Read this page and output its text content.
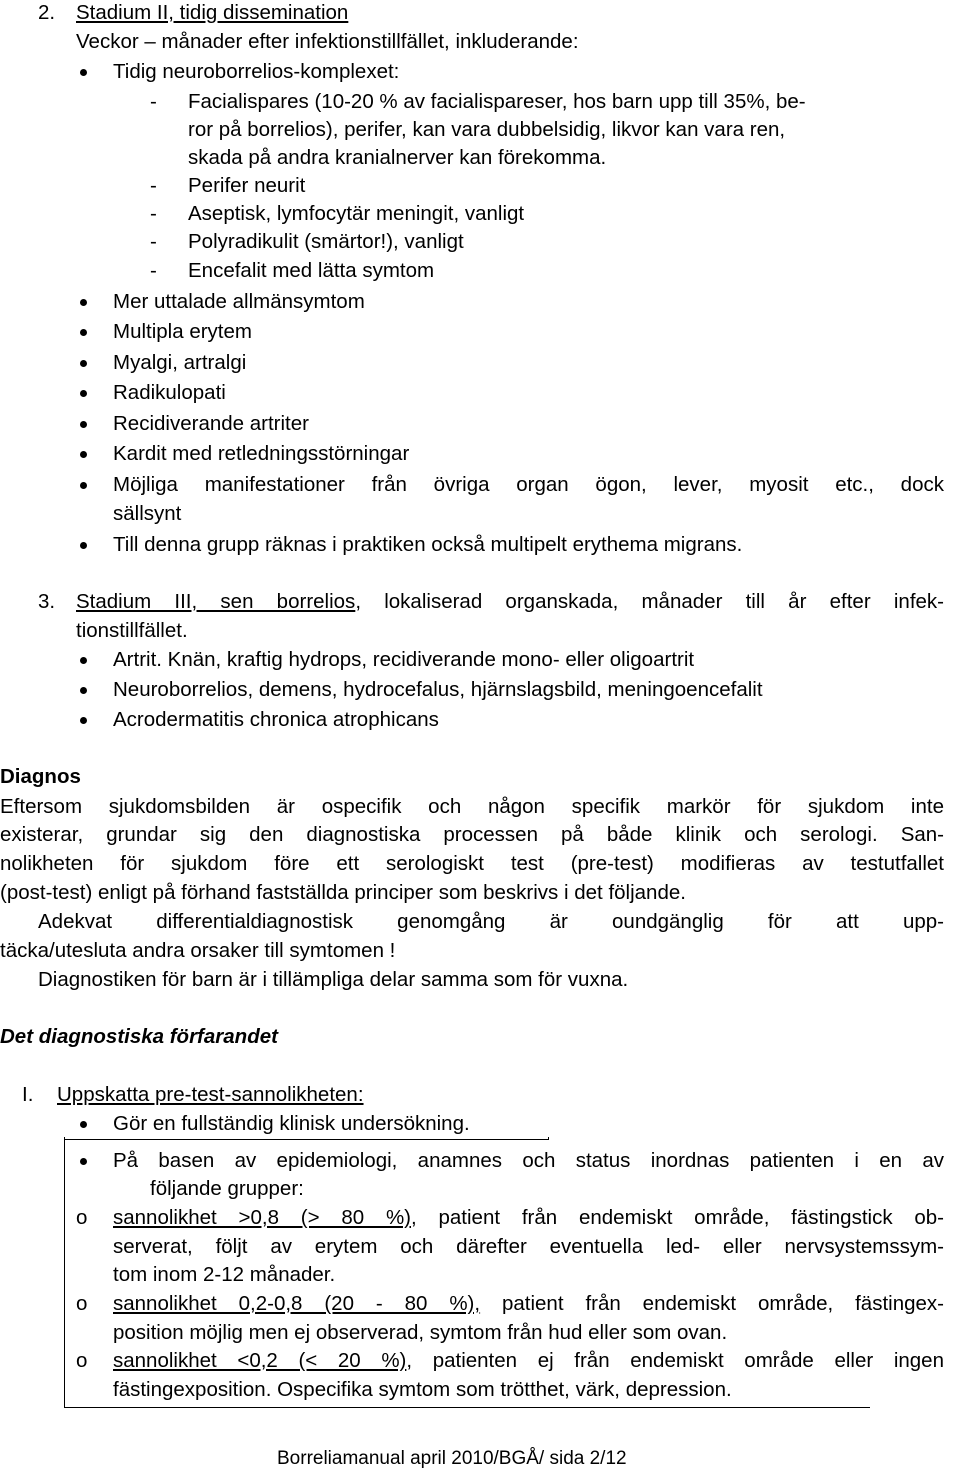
2. Stadium II, tidig dissemination
Veckor – månader efter infektionstillfället, inkluderande:
Tidig neuroborrelios-komplexet:
- Facialispares (10-20 % av facialispareser, hos barn upp till 35%, be-
ror på borrelios), perifer, kan vara dubbelsidig, likvor kan vara ren,
skada på andra kranialnerver kan förekomma.
- Perifer neurit
- Aseptisk, lymfocytär meningit, vanligt
- Polyradikulit (smärtor!), vanligt
- Encefalit med lätta symtom
Mer uttalade allmänsymtom
Multipla erytem
Myalgi, artralgi
Radikulopati
Recidiverande artriter
Kardit med retledningsstörningar
Möjliga manifestationer från övriga organ ögon, lever, myosit etc., dock
sällsynt
Till denna grupp räknas i praktiken också multipelt erythema migrans.
3. Stadium III, sen borrelios, lokaliserad organskada, månader till år efter infek-
tionstillfället.
Artrit. Knän, kraftig hydrops, recidiverande mono- eller oligoartrit
Neuroborrelios, demens, hydrocefalus, hjärnslagsbild, meningoencefalit
Acrodermatitis chronica atrophicans
Diagnos
Eftersom sjukdomsbilden är ospecifik och någon specifik markör för sjukdom inte
existerar, grundar sig den diagnostiska processen på både klinik och serologi. San-
nolikheten för sjukdom före ett serologiskt test (pre-test) modifieras av testutfallet
(post-test) enligt på förhand fastställda principer som beskrivs i det följande.
Adekvat differentialdiagnostisk genomgång är oundgänglig för att upp-
täcka/utesluta andra orsaker till symtomen !
Diagnostiken för barn är i tillämpliga delar samma som för vuxna.
Det diagnostiska förfarandet
I. Uppskatta pre-test-sannolikheten:
Gör en fullständig klinisk undersökning.
På basen av epidemiologi, anamnes och status inordnas patienten i en av
följande grupper:
o sannolikhet >0,8 (> 80 %), patient från endemiskt område, fästingstick ob-
serverat, följt av erytem och därefter eventuella led- eller nervsystemssym-
tom inom 2-12 månader.
o sannolikhet 0,2-0,8 (20 - 80 %), patient från endemiskt område, fästingex-
position möjlig men ej observerad, symtom från hud eller som ovan.
o sannolikhet <0,2 (< 20 %), patienten ej från endemiskt område eller ingen
fästingexposition. Ospecifika symtom som trötthet, värk, depression.
Borreliamanual april 2010/BGÅ/ sida 2/12
